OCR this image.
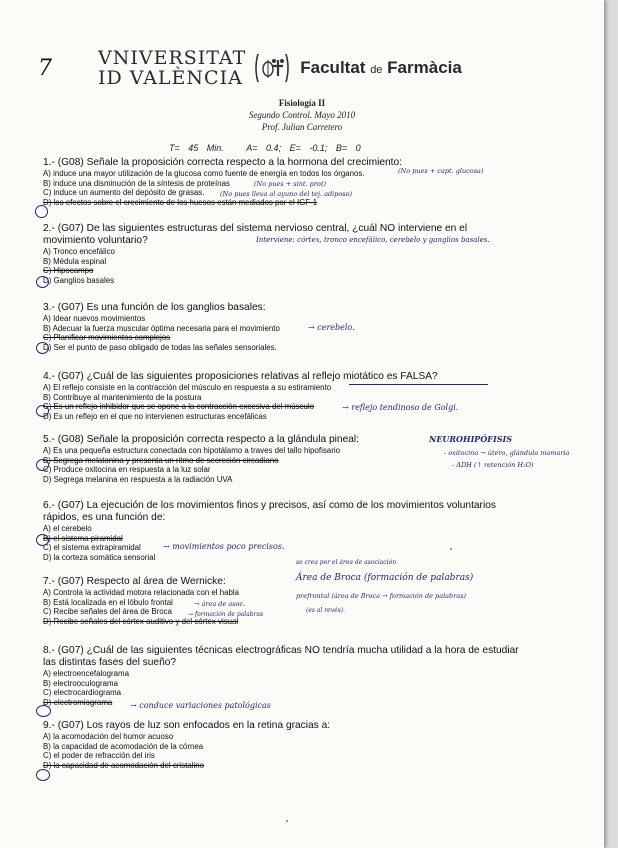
7 VNIVERSITAT
ID VALÈNCIA	Facultat de Farmàcia
Fisiología II
Segundo Control. Mayo 2010
Prof. Julian Carretero
T= 45 Min.	A= 0.4; E= -0.1; B= 0
1.- (G08) Señale la proposición correcta respecto a la hormona del crecimiento:
A) induce una mayor utilización de la glucosa como fuente de energía en todos los órganos.
B) induce una disminución de la síntesis de proteínas
C) induce un aumento del depósito de grasas.
D) los efectos sobre el crecimiento de los huesos están mediados por el IGF-1
(No pues + capt. glucosa)
(No pues + sint. prot)
(No pues lleva al ayuno del tej. adiposo)
2.- (G07) De las siguientes estructuras del sistema nervioso central, ¿cuál NO interviene en el movimiento voluntario?
A) Tronco encefálico
B) Médula espinal
C) Hipocampo
D) Ganglios basales
Interviene: córtex, tronco encefálico, cerebelo y ganglios basales.
3.- (G07) Es una función de los ganglios basales:
A) Idear nuevos movimientos
B) Adecuar la fuerza muscular óptima necesaria para el movimiento
C) Planificar movimientos complejos
D) Ser el punto de paso obligado de todas las señales sensoriales.
→ cerebelo.
4.- (G07) ¿Cuál de las siguientes proposiciones relativas al reflejo miotático es FALSA?
A) El reflejo consiste en la contracción del músculo en respuesta a su estiramiento
B) Contribuye al mantenimiento de la postura
C) Es un reflejo inhibidor que se opone a la contracción excesiva del músculo
D) Es un reflejo en el que no intervienen estructuras encefálicas
→ reflejo tendinoso de Golgi.
5.- (G08) Señale la proposición correcta respecto a la glándula pineal:
A) Es una pequeña estructura conectada con hipotálamo a traves del tallo hipofisario
B) Segrega melatonina y presenta un ritmo de secreción circadiano
C) Produce oxitocina en respuesta a la luz solar
D) Segrega melanina en respuesta a la radiación UVA
NEUROHIPÓFISIS
- oxitocina → útero, glándula mamaria
- ADH (↑ retención H₂O)
6.- (G07) La ejecución de los movimientos finos y precisos, así como de los movimientos voluntarios rápidos, es una función de:
A) el cerebelo
B) el sistema piramidal
C) el sistema extrapiramidal
D) la corteza somática sensorial
→ movimientos poco precisos.
7.- (G07) Respecto al área de Wernicke:
A) Controla la actividad motora relacionada con el habla
B) Está localizada en el lóbulo frontal
C) Recibe señales del área de Broca
D) Recibe señales del córtex auditivo y del córtex visual
se crea por el área de asociación
Área de Broca (formación de palabras)
→ área de asoc.
prefrontal (área de Broca → formación de palabras)
→ formación de palabras
(es al revés).
8.- (G07) ¿Cuál de las siguientes técnicas electrográficas NO tendría mucha utilidad a la hora de estudiar las distintas fases del sueño?
A) electroencefalograma
B) electrooculograma
C) electrocardiograma
D) electromiograma	→ conduce variaciones patológicas
9.- (G07) Los rayos de luz son enfocados en la retina gracias a:
A) la acomodación del humor acuoso
B) la capacidad de acomodación de la córnea
C) el poder de refracción del iris
D) la capacidad de acomodación del cristalino
